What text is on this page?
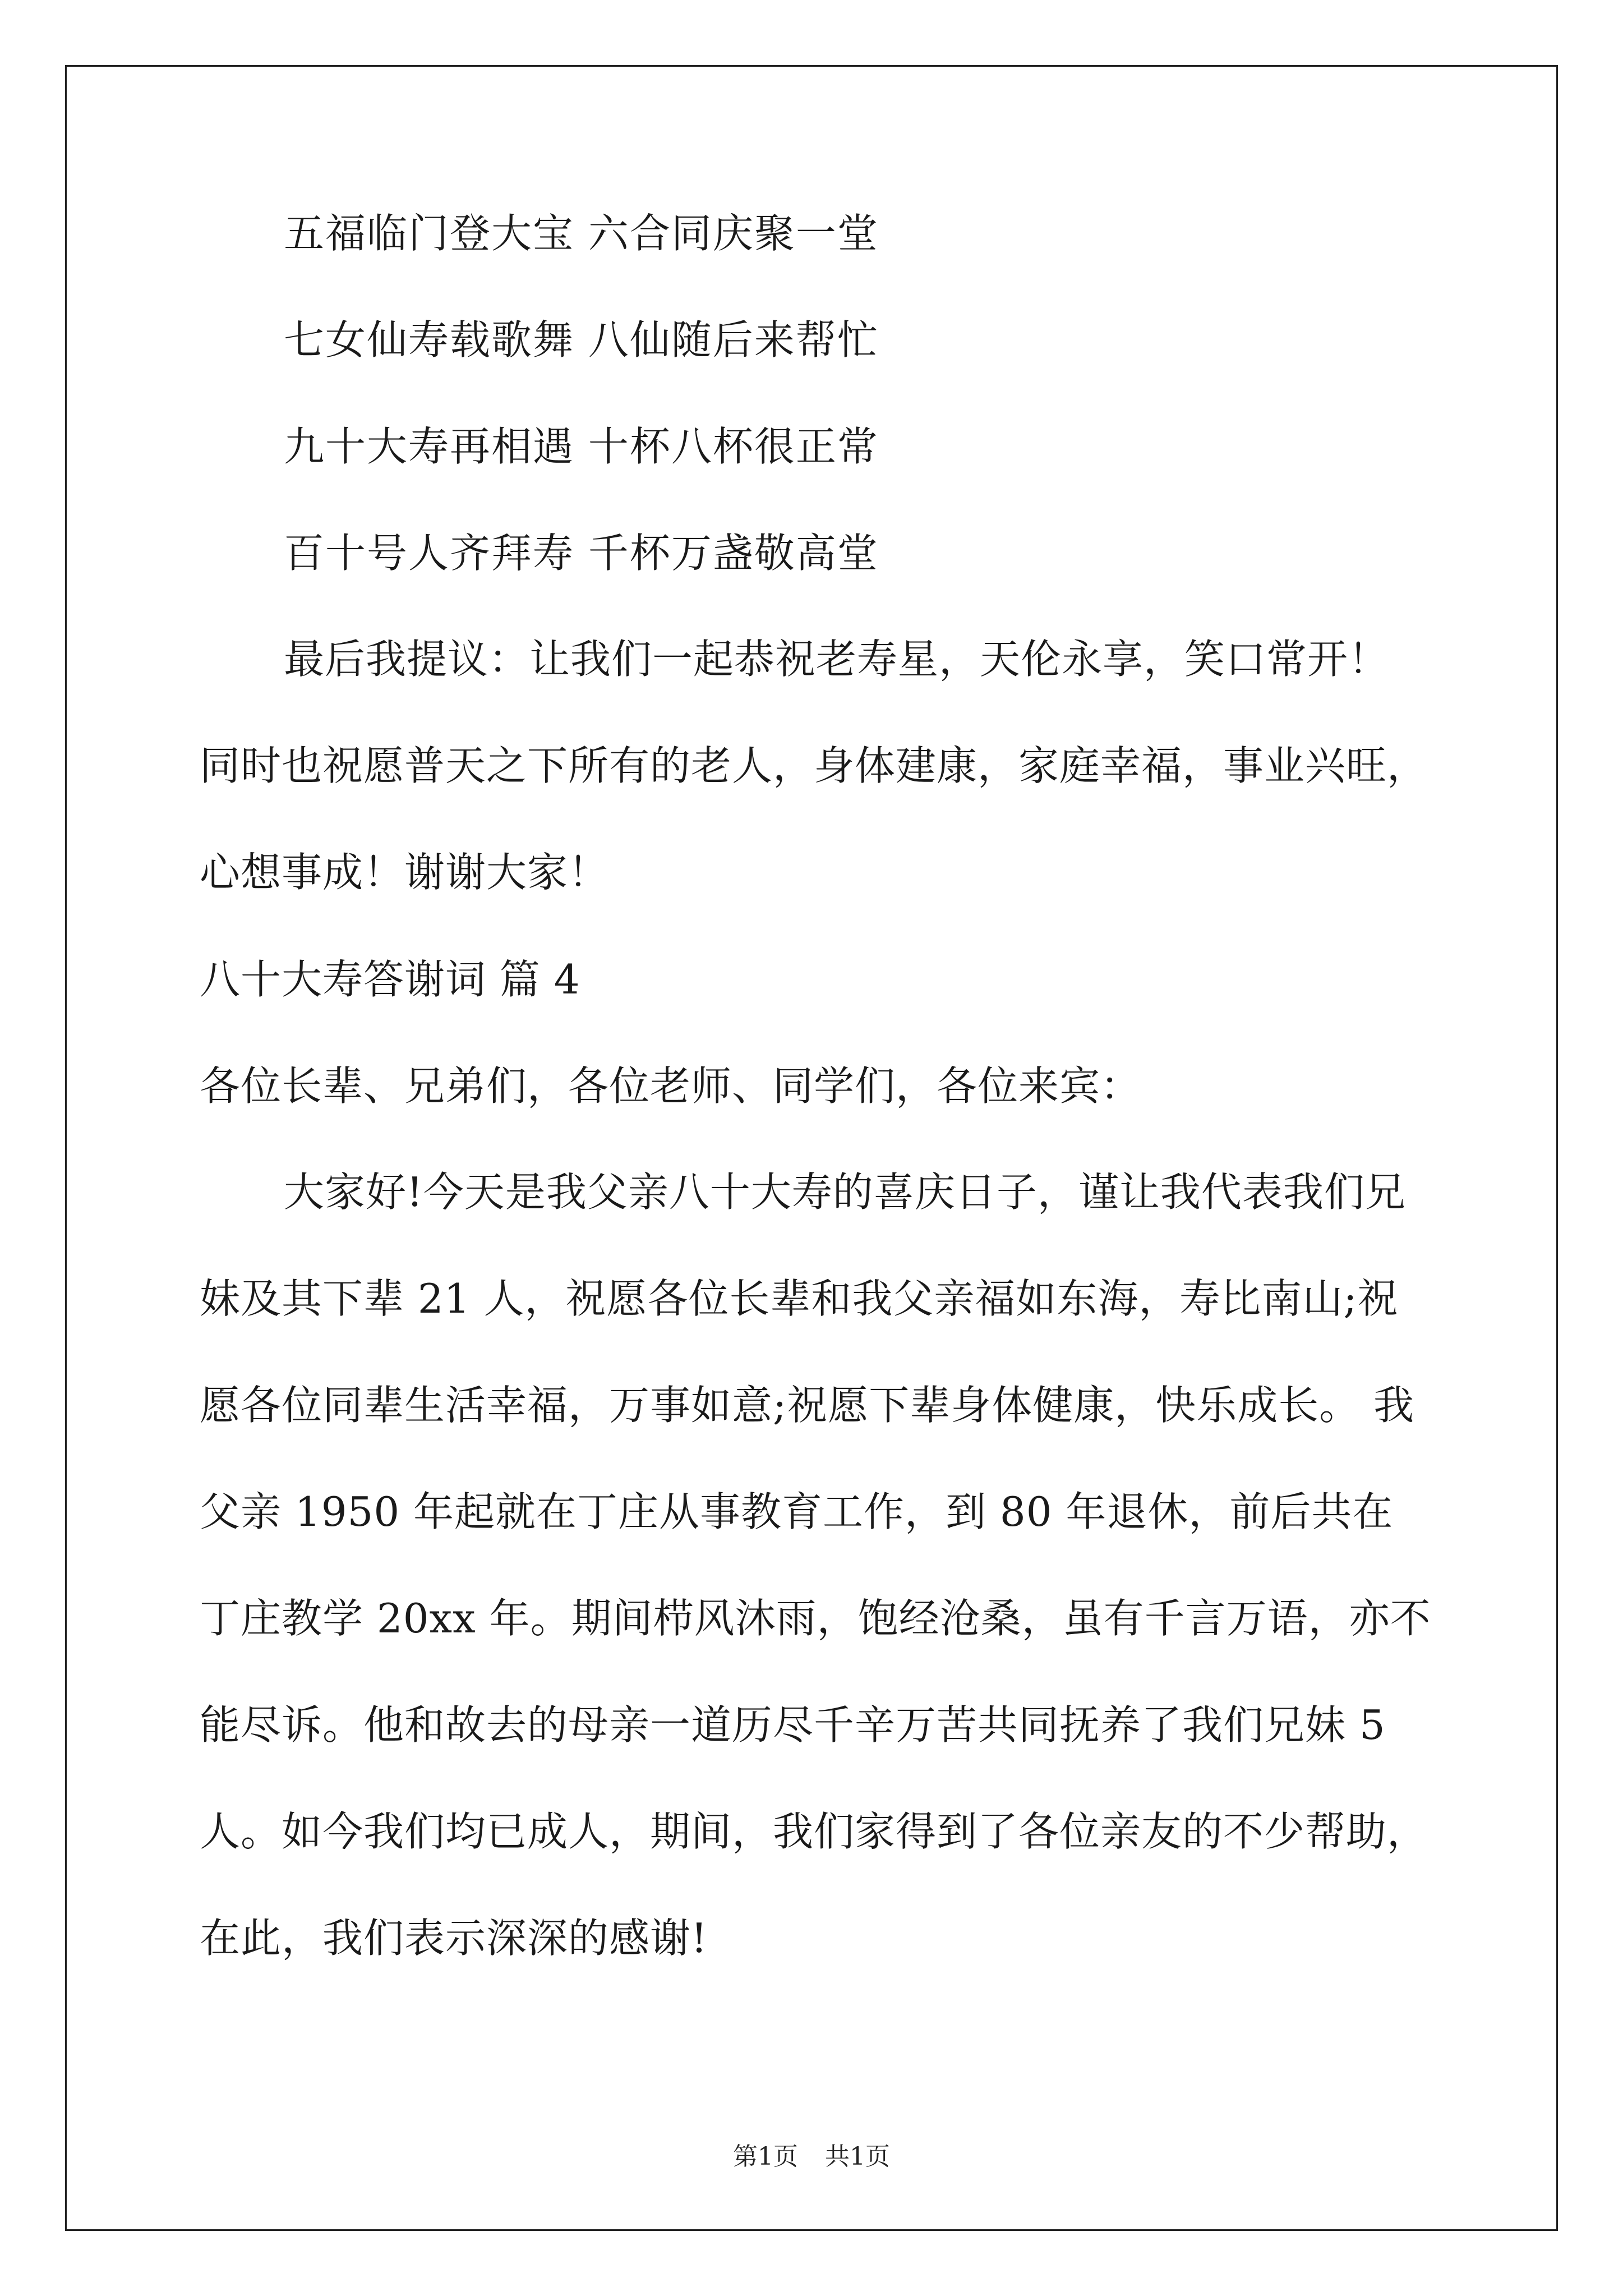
五福临门登大宝 六合同庆聚一堂
七女仙寿载歌舞 八仙随后来帮忙
九十大寿再相遇 十杯八杯很正常
百十号人齐拜寿 千杯万盏敬高堂
最后我提议：让我们一起恭祝老寿星，天伦永享，笑口常开！ 同时也祝愿普天之下所有的老人，身体建康，家庭幸福，事业兴旺，心想事成！谢谢大家！
八十大寿答谢词 篇 4
各位长辈、兄弟们，各位老师、同学们，各位来宾：
大家好!今天是我父亲八十大寿的喜庆日子，谨让我代表我们兄妹及其下辈 21 人，祝愿各位长辈和我父亲福如东海，寿比南山;祝愿各位同辈生活幸福，万事如意;祝愿下辈身体健康，快乐成长。 我父亲 1950 年起就在丁庄从事教育工作，到 80 年退休，前后共在丁庄教学 20xx 年。期间栉风沐雨，饱经沧桑，虽有千言万语，亦不能尽诉。他和故去的母亲一道历尽千辛万苦共同抚养了我们兄妹 5 人。如今我们均已成人，期间，我们家得到了各位亲友的不少帮助，在此，我们表示深深的感谢!
第1页 共1页
